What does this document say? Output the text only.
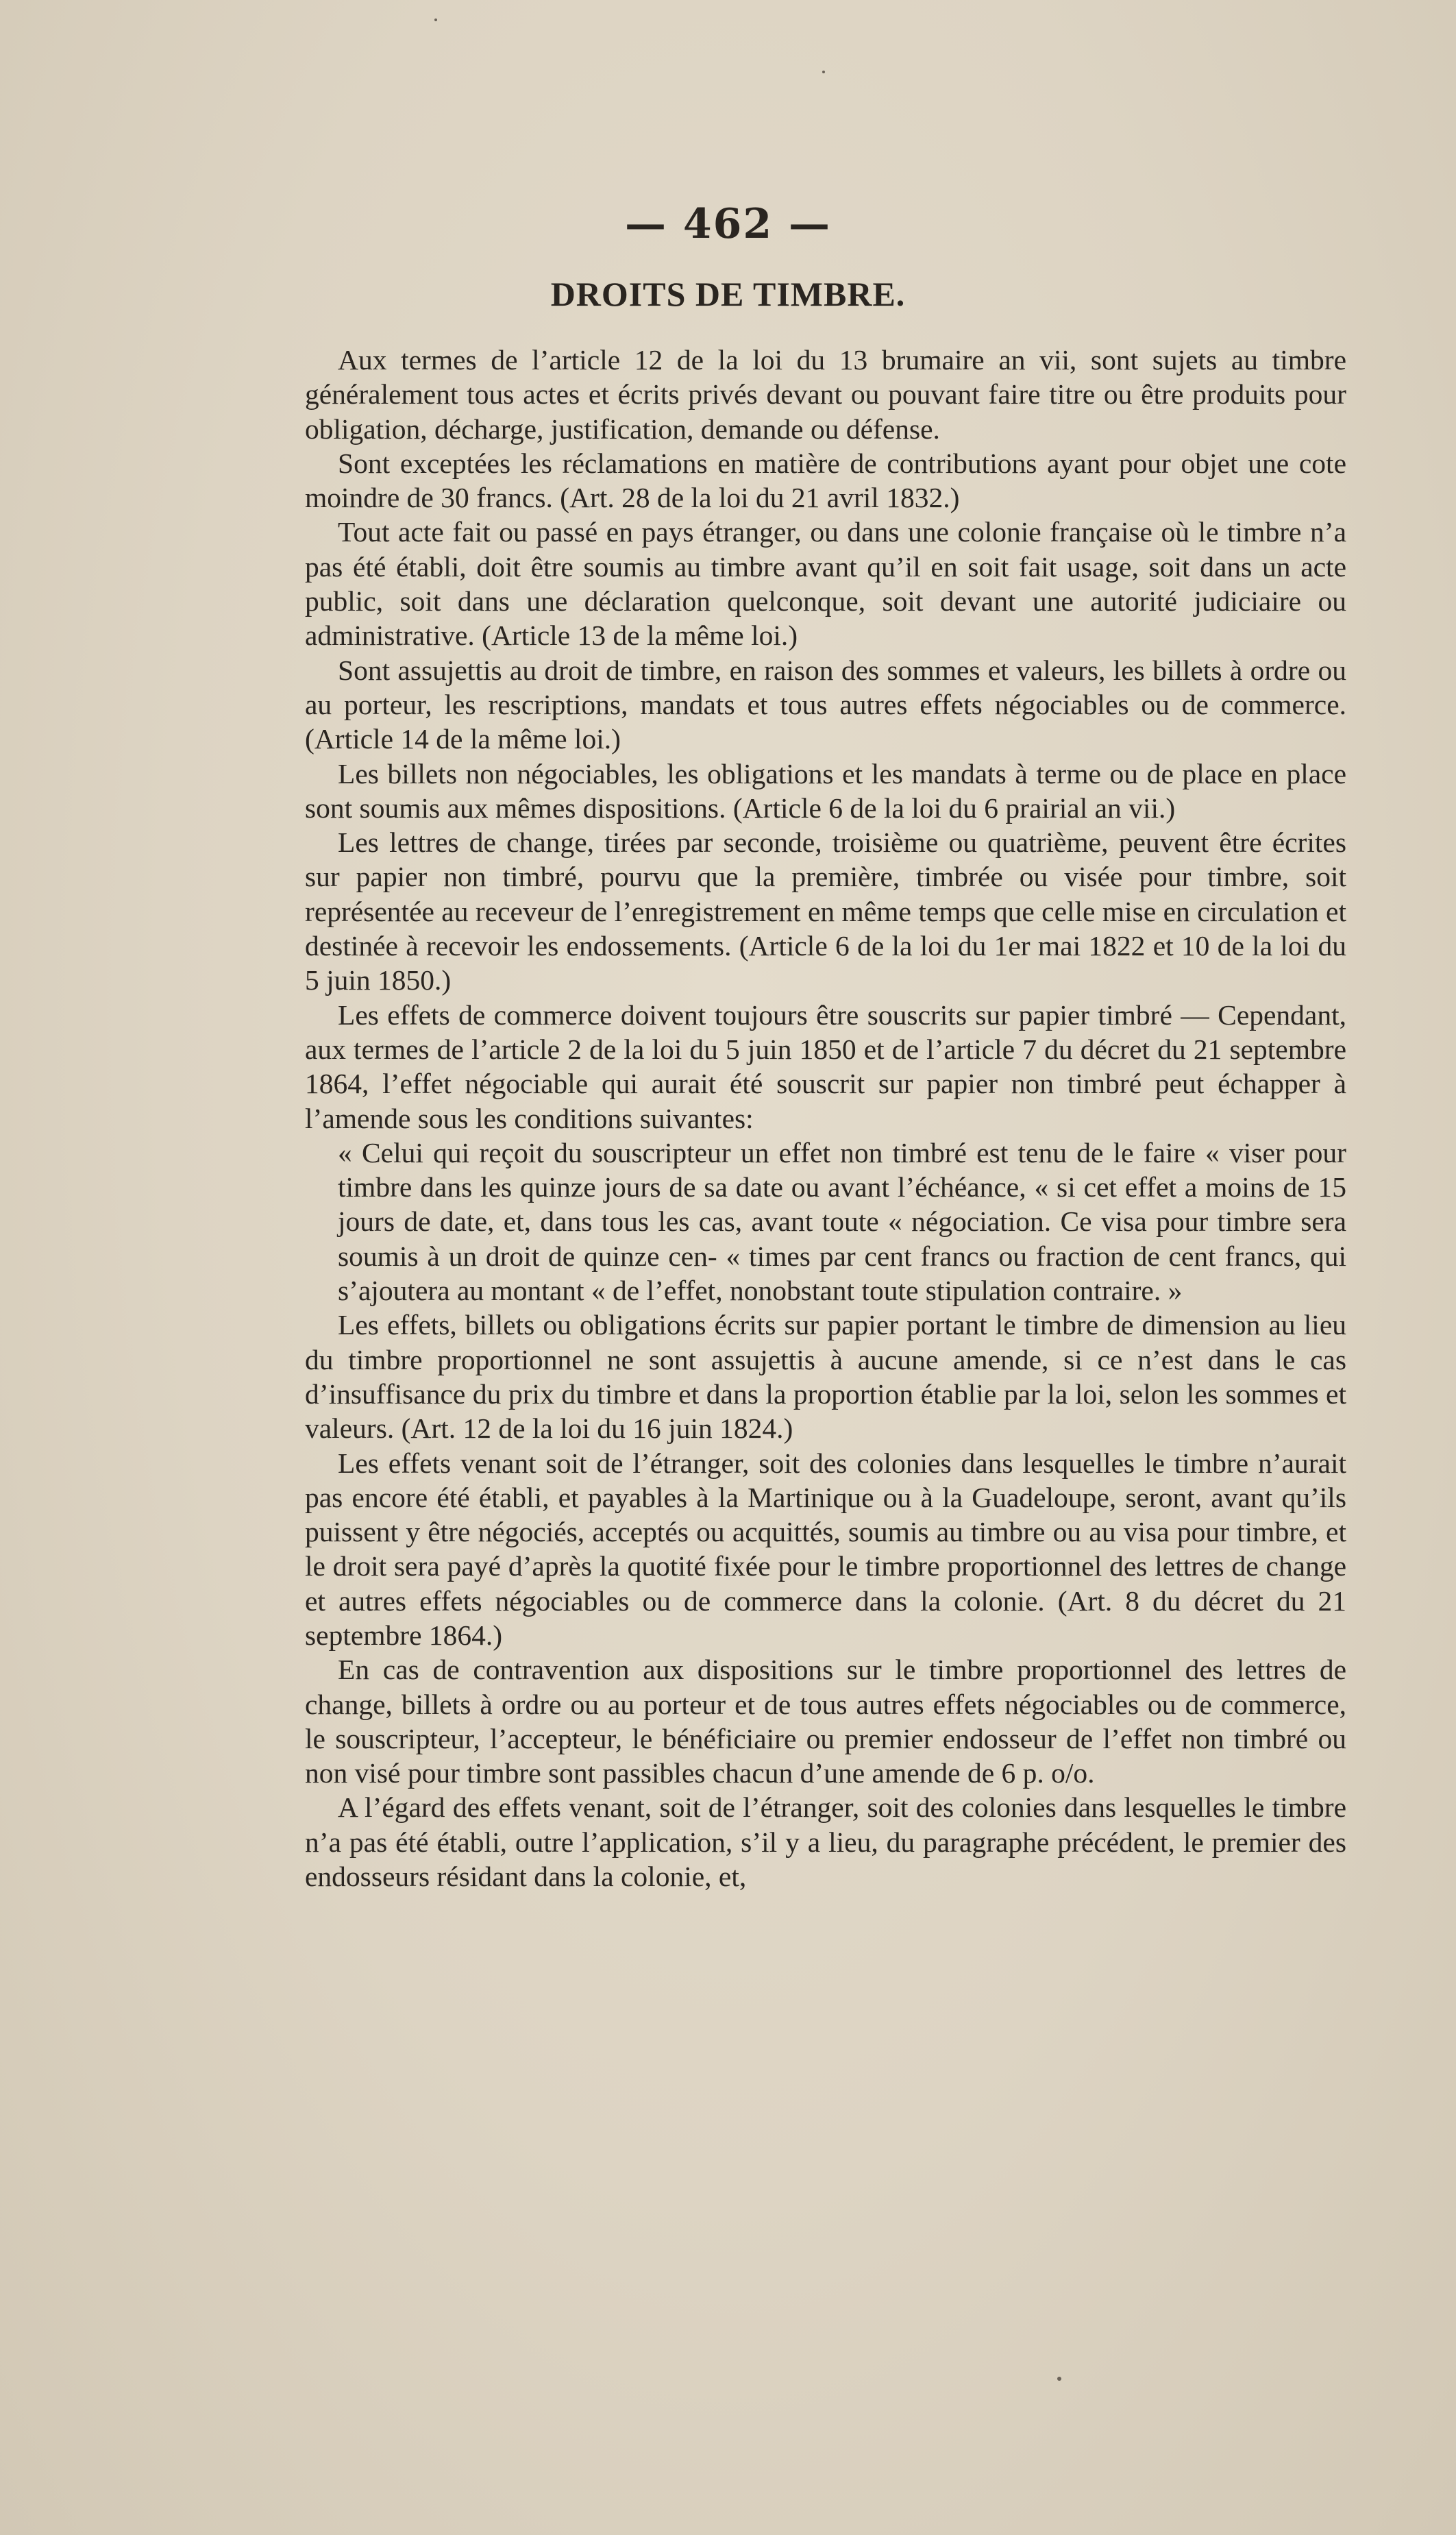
— 462 —
DROITS DE TIMBRE.

Aux termes de l’article 12 de la loi du 13 brumaire an vii, sont sujets au timbre généralement tous actes et écrits privés devant ou pouvant faire titre ou être produits pour obligation, décharge, justification, demande ou défense.

Sont exceptées les réclamations en matière de contributions ayant pour objet une cote moindre de 30 francs. (Art. 28 de la loi du 21 avril 1832.)

Tout acte fait ou passé en pays étranger, ou dans une colonie française où le timbre n’a pas été établi, doit être soumis au timbre avant qu’il en soit fait usage, soit dans un acte public, soit dans une déclaration quelconque, soit devant une autorité judiciaire ou administrative. (Article 13 de la même loi.)

Sont assujettis au droit de timbre, en raison des sommes et valeurs, les billets à ordre ou au porteur, les rescriptions, mandats et tous autres effets négociables ou de commerce. (Article 14 de la même loi.)

Les billets non négociables, les obligations et les mandats à terme ou de place en place sont soumis aux mêmes dispositions. (Article 6 de la loi du 6 prairial an vii.)

Les lettres de change, tirées par seconde, troisième ou quatrième, peuvent être écrites sur papier non timbré, pourvu que la première, timbrée ou visée pour timbre, soit représentée au receveur de l’enregistrement en même temps que celle mise en circulation et destinée à recevoir les endossements. (Article 6 de la loi du 1er mai 1822 et 10 de la loi du 5 juin 1850.)

Les effets de commerce doivent toujours être souscrits sur papier timbré — Cependant, aux termes de l’article 2 de la loi du 5 juin 1850 et de l’article 7 du décret du 21 septembre 1864, l’effet négociable qui aurait été souscrit sur papier non timbré peut échapper à l’amende sous les conditions suivantes:

« Celui qui reçoit du souscripteur un effet non timbré est tenu de le faire « viser pour timbre dans les quinze jours de sa date ou avant l’échéance, « si cet effet a moins de 15 jours de date, et, dans tous les cas, avant toute « négociation. Ce visa pour timbre sera soumis à un droit de quinze cen- « times par cent francs ou fraction de cent francs, qui s’ajoutera au montant « de l’effet, nonobstant toute stipulation contraire. »

Les effets, billets ou obligations écrits sur papier portant le timbre de dimension au lieu du timbre proportionnel ne sont assujettis à aucune amende, si ce n’est dans le cas d’insuffisance du prix du timbre et dans la proportion établie par la loi, selon les sommes et valeurs. (Art. 12 de la loi du 16 juin 1824.)

Les effets venant soit de l’étranger, soit des colonies dans lesquelles le timbre n’aurait pas encore été établi, et payables à la Martinique ou à la Guadeloupe, seront, avant qu’ils puissent y être négociés, acceptés ou acquittés, soumis au timbre ou au visa pour timbre, et le droit sera payé d’après la quotité fixée pour le timbre proportionnel des lettres de change et autres effets négociables ou de commerce dans la colonie. (Art. 8 du décret du 21 septembre 1864.)

En cas de contravention aux dispositions sur le timbre proportionnel des lettres de change, billets à ordre ou au porteur et de tous autres effets négociables ou de commerce, le souscripteur, l’accepteur, le bénéficiaire ou premier endosseur de l’effet non timbré ou non visé pour timbre sont passibles chacun d’une amende de 6 p. o/o.

A l’égard des effets venant, soit de l’étranger, soit des colonies dans lesquelles le timbre n’a pas été établi, outre l’application, s’il y a lieu, du paragraphe précédent, le premier des endosseurs résidant dans la colonie, et,
